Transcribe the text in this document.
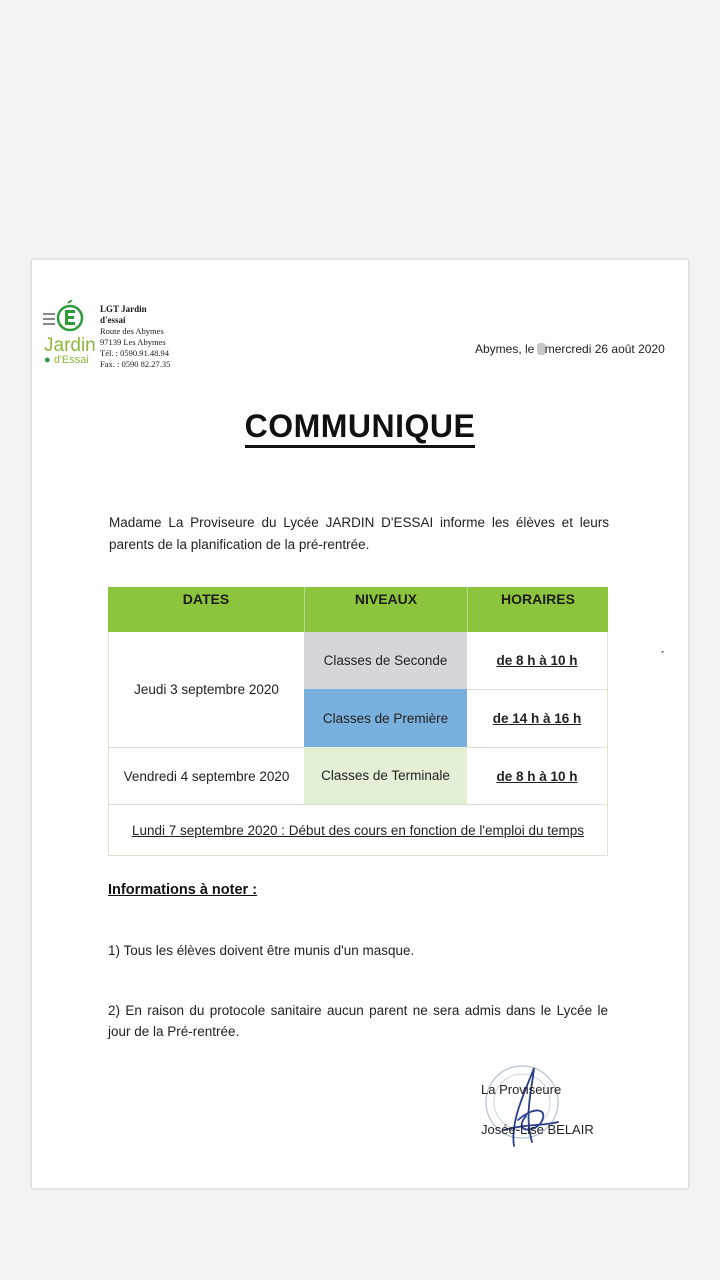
Jardin
● d'Essai
LGT Jardin d'essai
Route des Abymes
97139 Les Abymes
Tél. : 0590.91.48.94
Fax. : 0590 82.27.35
Abymes, le mercredi 26 août 2020
COMMUNIQUE
Madame La Proviseure du Lycée JARDIN D'ESSAI informe les élèves et leurs parents de la planification de la pré-rentrée.
DATES	NIVEAUX	HORAIRES
Jeudi 3 septembre 2020
Classes de Seconde	de 8 h à 10 h
Classes de Première	de 14 h à 16 h
Vendredi 4 septembre 2020	Classes de Terminale	de 8 h à 10 h
Lundi 7 septembre 2020 : Début des cours en fonction de l'emploi du temps
ˊ
Informations à noter :
1) Tous les élèves doivent être munis d'un masque.
2) En raison du protocole sanitaire aucun parent ne sera admis dans le Lycée le jour de la Pré-rentrée.
La Proviseure
Josée-Lise BELAIR
